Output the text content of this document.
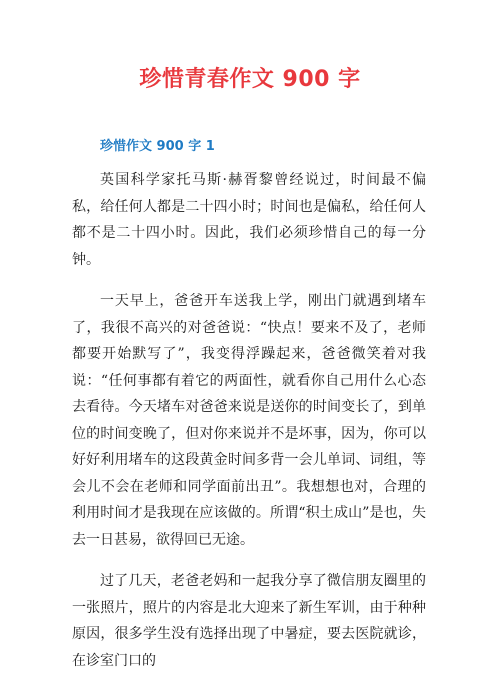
珍惜青春作文 900 字
珍惜作文 900 字 1

英国科学家托马斯·赫胥黎曾经说过，时间最不偏私，给任何人都是二十四小时；时间也是偏私，给任何人都不是二十四小时。因此，我们必须珍惜自己的每一分钟。

一天早上，爸爸开车送我上学，刚出门就遇到堵车了，我很不高兴的对爸爸说：“快点！要来不及了，老师都要开始默写了”，我变得浮躁起来，爸爸微笑着对我说：“任何事都有着它的两面性，就看你自己用什么心态去看待。今天堵车对爸爸来说是送你的时间变长了，到单位的时间变晚了，但对你来说并不是坏事，因为，你可以好好利用堵车的这段黄金时间多背一会儿单词、词组，等会儿不会在老师和同学面前出丑”。我想想也对，合理的利用时间才是我现在应该做的。所谓“积土成山”是也，失去一日甚易，欲得回已无途。

过了几天，老爸老妈和一起我分享了微信朋友圈里的一张照片，照片的内容是北大迎来了新生军训，由于种种原因，很多学生没有选择出现了中暑症，要去医院就诊，在诊室门口的
